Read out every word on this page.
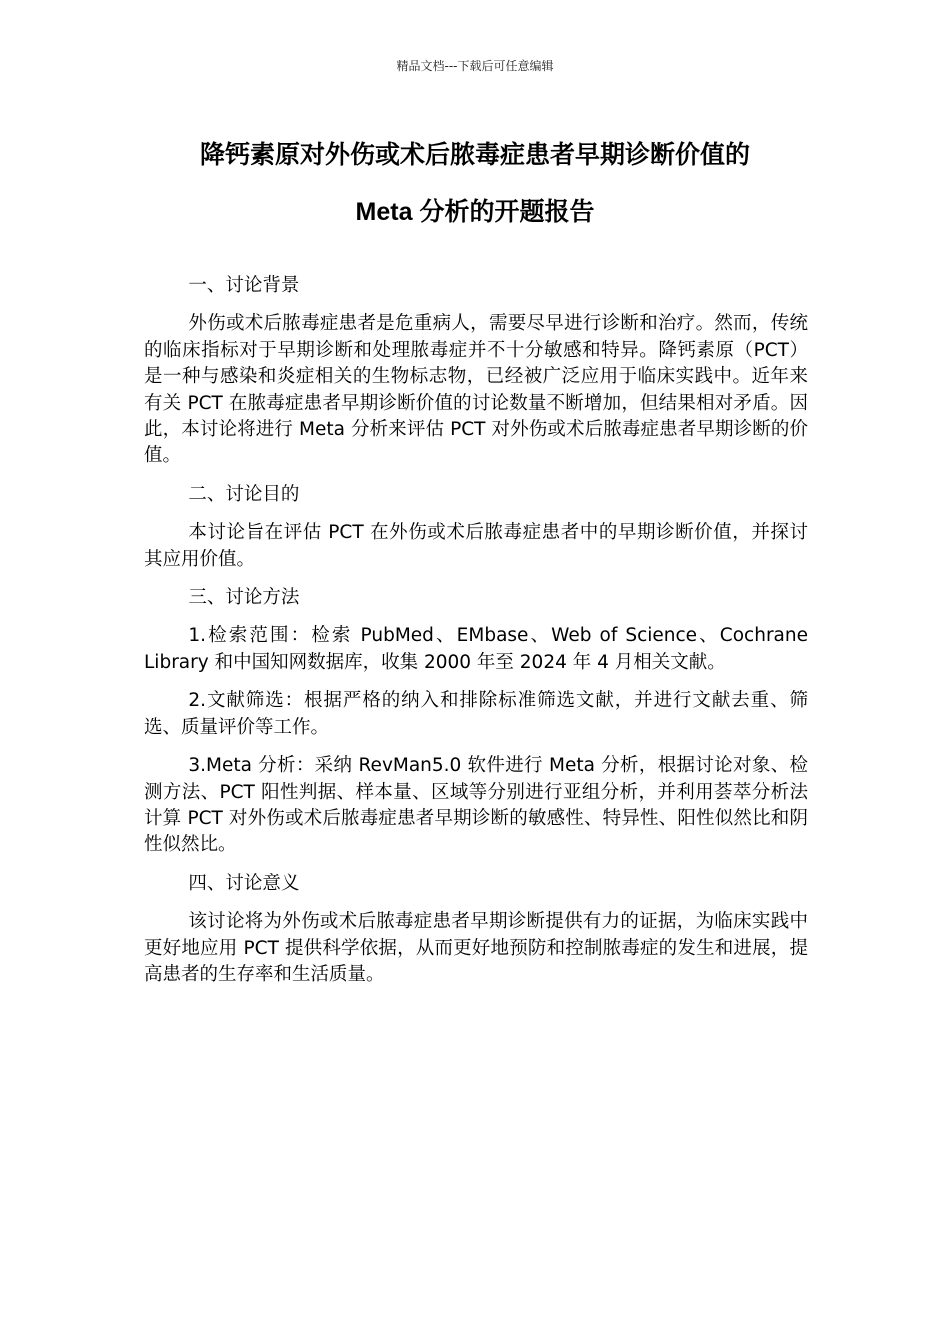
精品文档---下载后可任意编辑
降钙素原对外伤或术后脓毒症患者早期诊断价值的
Meta 分析的开题报告

一、讨论背景

外伤或术后脓毒症患者是危重病人，需要尽早进行诊断和治疗。然而，传统的临床指标对于早期诊断和处理脓毒症并不十分敏感和特异。降钙素原（PCT）是一种与感染和炎症相关的生物标志物，已经被广泛应用于临床实践中。近年来有关 PCT 在脓毒症患者早期诊断价值的讨论数量不断增加，但结果相对矛盾。因此，本讨论将进行 Meta 分析来评估 PCT 对外伤或术后脓毒症患者早期诊断的价值。

二、讨论目的

本讨论旨在评估 PCT 在外伤或术后脓毒症患者中的早期诊断价值，并探讨其应用价值。

三、讨论方法

1.检索范围：检索 PubMed、EMbase、Web of Science、Cochrane Library 和中国知网数据库，收集 2000 年至 2024 年 4 月相关文献。

2.文献筛选：根据严格的纳入和排除标准筛选文献，并进行文献去重、筛选、质量评价等工作。

3.Meta 分析：采纳 RevMan5.0 软件进行 Meta 分析，根据讨论对象、检测方法、PCT 阳性判据、样本量、区域等分别进行亚组分析，并利用荟萃分析法计算 PCT 对外伤或术后脓毒症患者早期诊断的敏感性、特异性、阳性似然比和阴性似然比。

四、讨论意义

该讨论将为外伤或术后脓毒症患者早期诊断提供有力的证据，为临床实践中更好地应用 PCT 提供科学依据，从而更好地预防和控制脓毒症的发生和进展，提高患者的生存率和生活质量。
